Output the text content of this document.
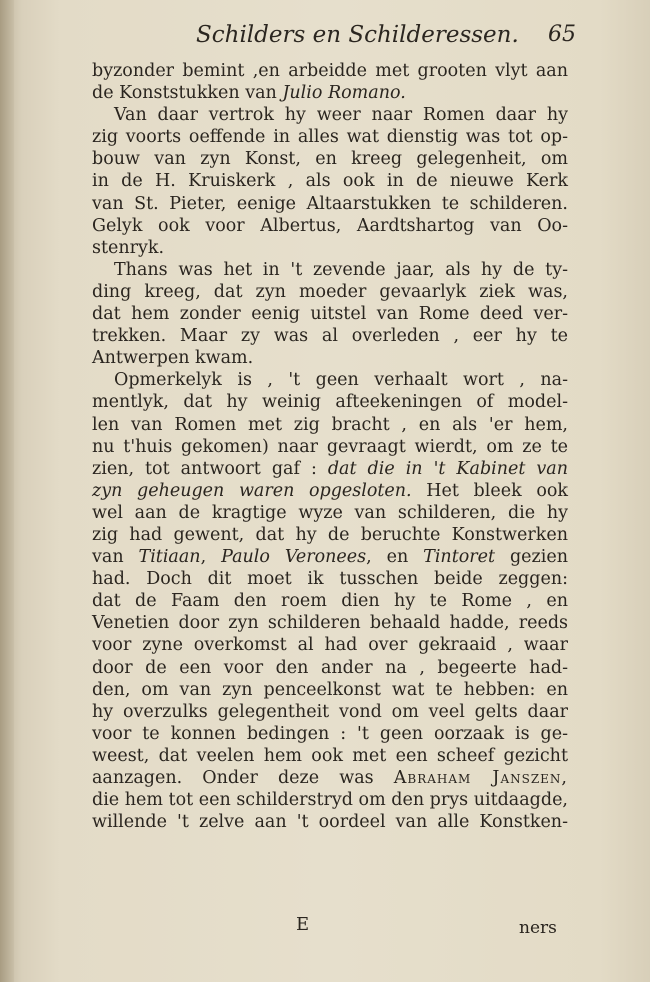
Schilders en Schilderessen. 65
byzonder bemint ,en arbeidde met grooten vlyt aan
de Konststukken van Julio Romano.
Van daar vertrok hy weer naar Romen daar hy
zig voorts oeffende in alles wat dienstig was tot op-
bouw van zyn Konst, en kreeg gelegenheit, om
in de H. Kruiskerk , als ook in de nieuwe Kerk
van St. Pieter, eenige Altaarstukken te schilderen.
Gelyk ook voor Albertus, Aardtshartog van Oo-
stenryk.
Thans was het in 't zevende jaar, als hy de ty-
ding kreeg, dat zyn moeder gevaarlyk ziek was,
dat hem zonder eenig uitstel van Rome deed ver-
trekken. Maar zy was al overleden , eer hy te
Antwerpen kwam.
Opmerkelyk is , 't geen verhaalt wort , na-
mentlyk, dat hy weinig afteekeningen of model-
len van Romen met zig bracht , en als 'er hem,
nu t'huis gekomen) naar gevraagt wierdt, om ze te
zien, tot antwoort gaf : dat die in 't Kabinet van
zyn geheugen waren opgesloten. Het bleek ook
wel aan de kragtige wyze van schilderen, die hy
zig had gewent, dat hy de beruchte Konstwerken
van Titiaan, Paulo Veronees, en Tintoret gezien
had. Doch dit moet ik tusschen beide zeggen:
dat de Faam den roem dien hy te Rome , en
Venetien door zyn schilderen behaald hadde, reeds
voor zyne overkomst al had over gekraaid , waar
door de een voor den ander na , begeerte had-
den, om van zyn penceelkonst wat te hebben: en
hy overzulks gelegentheit vond om veel gelts daar
voor te konnen bedingen : 't geen oorzaak is ge-
weest, dat veelen hem ook met een scheef gezicht
aanzagen. Onder deze was Abraham Janszen,
die hem tot een schilderstryd om den prys uitdaagde,
willende 't zelve aan 't oordeel van alle Konstken-
E	ners
